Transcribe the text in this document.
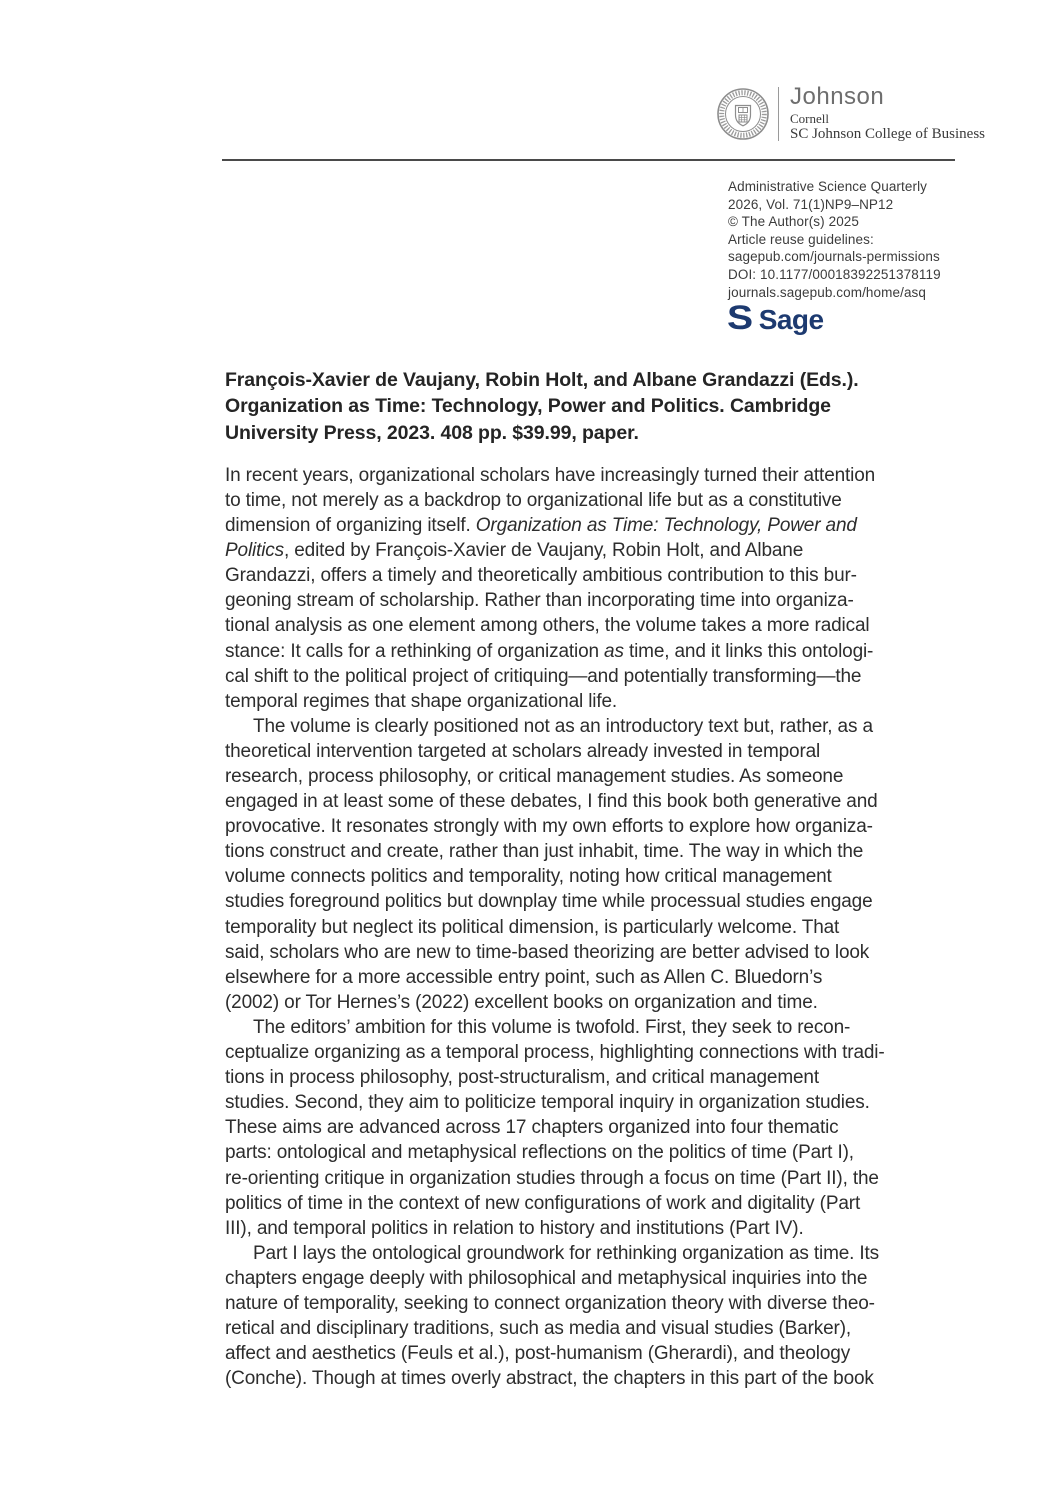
Johnson
Cornell
SC Johnson College of Business
Administrative Science Quarterly
2026, Vol. 71(1)NP9–NP12
© The Author(s) 2025
Article reuse guidelines:
sagepub.com/journals-permissions
DOI: 10.1177/00018392251378119
journals.sagepub.com/home/asq
S Sage
François-Xavier de Vaujany, Robin Holt, and Albane Grandazzi (Eds.).
Organization as Time: Technology, Power and Politics. Cambridge
University Press, 2023. 408 pp. $39.99, paper.
In recent years, organizational scholars have increasingly turned their attention
to time, not merely as a backdrop to organizational life but as a constitutive
dimension of organizing itself. Organization as Time: Technology, Power and
Politics, edited by François-Xavier de Vaujany, Robin Holt, and Albane
Grandazzi, offers a timely and theoretically ambitious contribution to this bur-
geoning stream of scholarship. Rather than incorporating time into organiza-
tional analysis as one element among others, the volume takes a more radical
stance: It calls for a rethinking of organization as time, and it links this ontologi-
cal shift to the political project of critiquing—and potentially transforming—the
temporal regimes that shape organizational life.
The volume is clearly positioned not as an introductory text but, rather, as a
theoretical intervention targeted at scholars already invested in temporal
research, process philosophy, or critical management studies. As someone
engaged in at least some of these debates, I find this book both generative and
provocative. It resonates strongly with my own efforts to explore how organiza-
tions construct and create, rather than just inhabit, time. The way in which the
volume connects politics and temporality, noting how critical management
studies foreground politics but downplay time while processual studies engage
temporality but neglect its political dimension, is particularly welcome. That
said, scholars who are new to time-based theorizing are better advised to look
elsewhere for a more accessible entry point, such as Allen C. Bluedorn’s
(2002) or Tor Hernes’s (2022) excellent books on organization and time.
The editors’ ambition for this volume is twofold. First, they seek to recon-
ceptualize organizing as a temporal process, highlighting connections with tradi-
tions in process philosophy, post-structuralism, and critical management
studies. Second, they aim to politicize temporal inquiry in organization studies.
These aims are advanced across 17 chapters organized into four thematic
parts: ontological and metaphysical reflections on the politics of time (Part I),
re-orienting critique in organization studies through a focus on time (Part II), the
politics of time in the context of new configurations of work and digitality (Part
III), and temporal politics in relation to history and institutions (Part IV).
Part I lays the ontological groundwork for rethinking organization as time. Its
chapters engage deeply with philosophical and metaphysical inquiries into the
nature of temporality, seeking to connect organization theory with diverse theo-
retical and disciplinary traditions, such as media and visual studies (Barker),
affect and aesthetics (Feuls et al.), post-humanism (Gherardi), and theology
(Conche). Though at times overly abstract, the chapters in this part of the book
